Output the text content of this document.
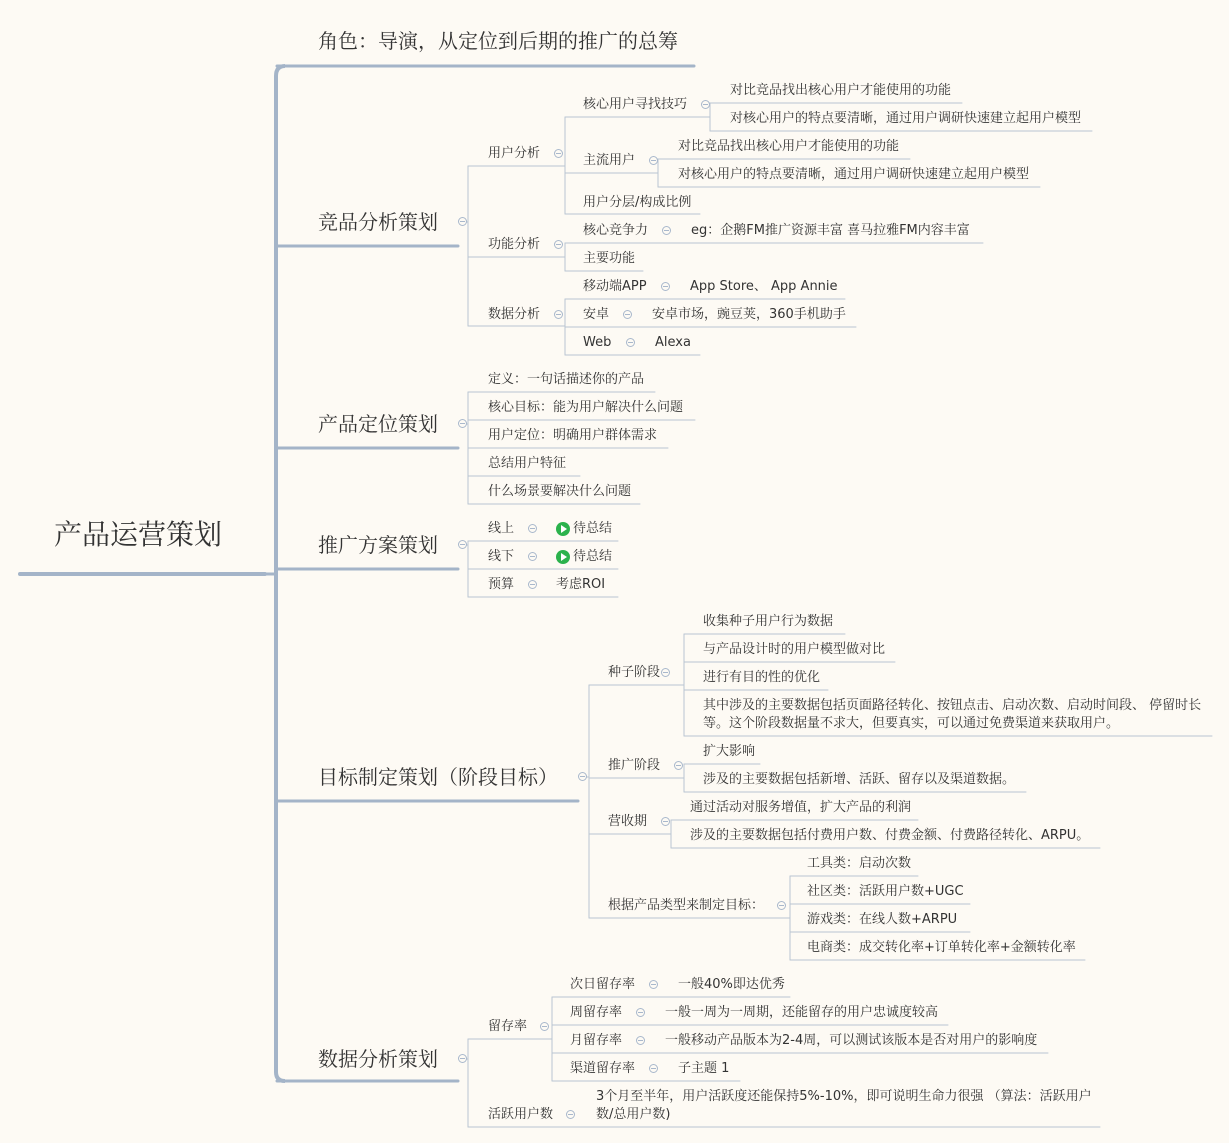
产品运营策划
角色：导演，从定位到后期的推广的总筹
竞品分析策划
产品定位策划
推广方案策划
目标制定策划（阶段目标）
数据分析策划
用户分析
核心用户寻找技巧
对比竞品找出核心用户才能使用的功能
对核心用户的特点要清晰，通过用户调研快速建立起用户模型
主流用户
对比竞品找出核心用户才能使用的功能
对核心用户的特点要清晰，通过用户调研快速建立起用户模型
用户分层/构成比例
功能分析
核心竞争力	eg：企鹅FM推广资源丰富 喜马拉雅FM内容丰富
主要功能
数据分析
移动端APP	App Store、 App Annie
安卓	安卓市场，豌豆荚，360手机助手
Web	Alexa
定义：一句话描述你的产品
核心目标：能为用户解决什么问题
用户定位：明确用户群体需求
总结用户特征
什么场景要解决什么问题
线上	待总结
线下	待总结
预算	考虑ROI
种子阶段
收集种子用户行为数据
与产品设计时的用户模型做对比
进行有目的性的优化
其中涉及的主要数据包括页面路径转化、按钮点击、启动次数、启动时间段、 停留时长等。这个阶段数据量不求大，但要真实，可以通过免费渠道来获取用户。
推广阶段
扩大影响
涉及的主要数据包括新增、活跃、留存以及渠道数据。
营收期
通过活动对服务增值，扩大产品的利润
涉及的主要数据包括付费用户数、付费金额、付费路径转化、ARPU。
根据产品类型来制定目标：
工具类：启动次数
社区类：活跃用户数+UGC
游戏类：在线人数+ARPU
电商类：成交转化率+订单转化率+金额转化率
留存率
次日留存率	一般40%即达优秀
周留存率	一般一周为一周期，还能留存的用户忠诚度较高
月留存率	一般移动产品版本为2-4周，可以测试该版本是否对用户的影响度
渠道留存率	子主题 1
活跃用户数
3个月至半年，用户活跃度还能保持5%-10%，即可说明生命力很强 （算法：活跃用户数/总用户数)
